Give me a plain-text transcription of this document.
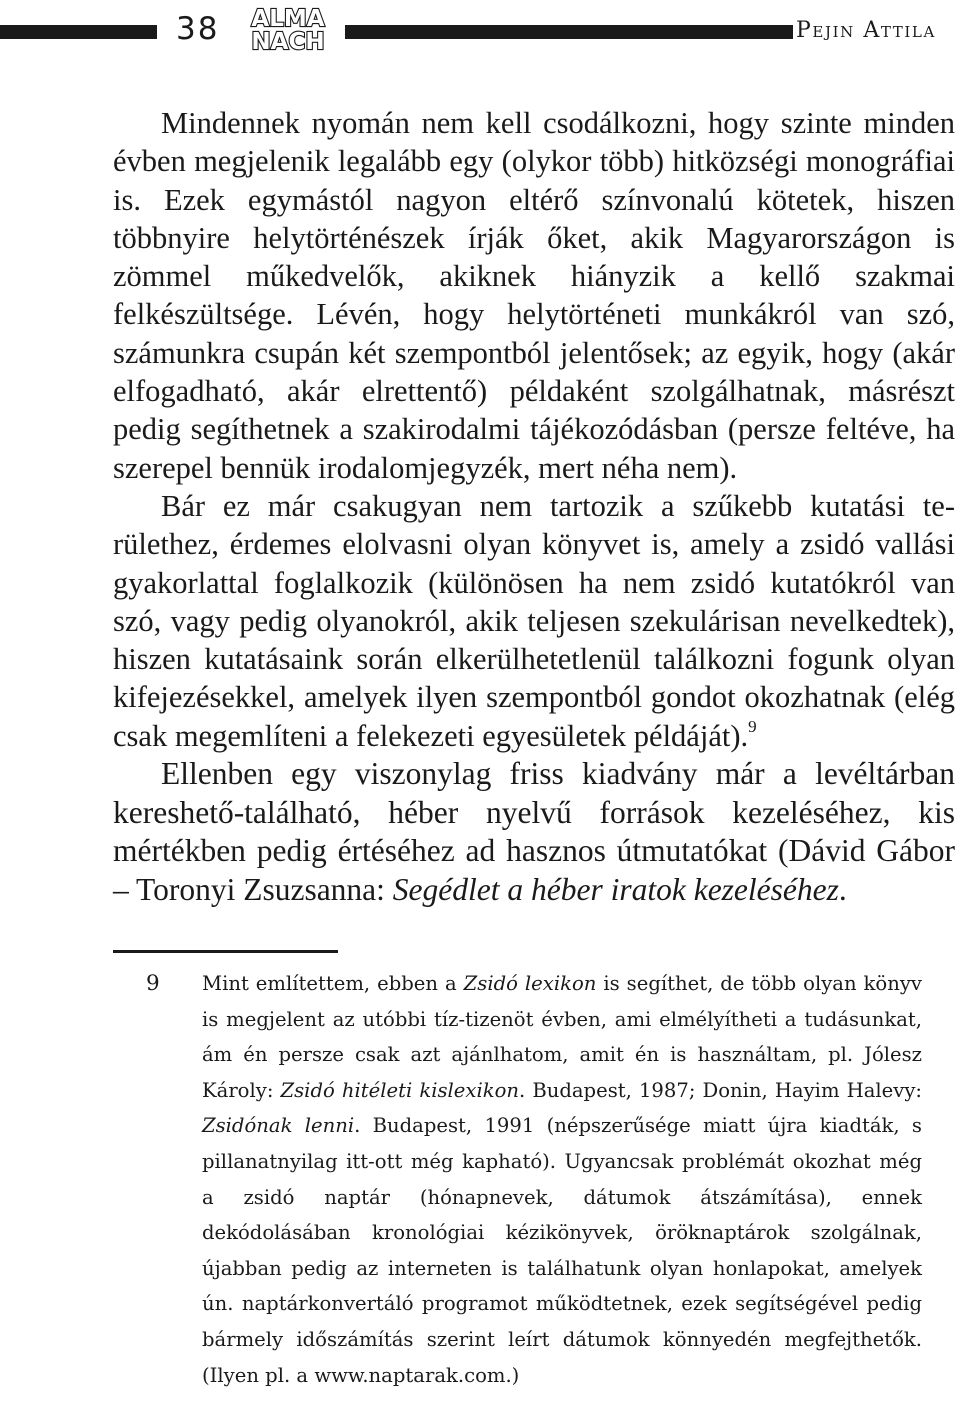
38 ALMA
NACH	Pejin Attila

Mindennek nyomán nem kell csodálkozni, hogy szinte minden évben megjelenik legalább egy (olykor több) hitközségi monográfiai is. Ezek egymástól nagyon eltérő színvonalú kötetek, hiszen többnyire helytörténészek írják őket, akik Magyarországon is zömmel műkedvelők, akiknek hiányzik a kellő szakmai felkészültsége. Lévén, hogy helytörténeti munkákról van szó, számunkra csupán két szempontból jelentősek; az egyik, hogy (akár elfogadható, akár elrettentő) példaként szolgálhatnak, másrészt pedig segíthetnek a szakirodalmi tájékozódásban (persze feltéve, ha szerepel bennük irodalomjegyzék, mert néha nem).

Bár ez már csakugyan nem tartozik a szűkebb kutatási területhez, érdemes elolvasni olyan könyvet is, amely a zsidó vallási gyakorlattal foglalkozik (különösen ha nem zsidó kutatókról van szó, vagy pedig olyanokról, akik teljesen szekulárisan nevelkedtek), hiszen kutatásaink során elkerülhetetlenül találkozni fogunk olyan kifejezésekkel, amelyek ilyen szempontból gondot okozhatnak (elég csak megemlíteni a felekezeti egyesületek példáját).$^9$

Ellenben egy viszonylag friss kiadvány már a levéltárban kereshető-található, héber nyelvű források kezeléséhez, kis mértékben pedig értéséhez ad hasznos útmutatókat (Dávid Gábor – Toronyi Zsuzsanna: Segédlet a héber iratok kezeléséhez.

9 Mint említettem, ebben a Zsidó lexikon is segíthet, de több olyan könyv is megjelent az utóbbi tíz-tizenöt évben, ami elmélyítheti a tudásunkat, ám én persze csak azt ajánlhatom, amit én is használtam, pl. Jólesz Károly: Zsidó hitéleti kislexikon. Budapest, 1987; Donin, Hayim Halevy: Zsidónak lenni. Budapest, 1991 (népszerűsége miatt újra kiadták, s pillanatnyilag itt-ott még kapható). Ugyancsak problémát okozhat még a zsidó naptár (hónapnevek, dátumok átszámítása), ennek dekódolásában kronológiai kézikönyvek, öröknaptárok szolgálnak, újabban pedig az interneten is találhatunk olyan honlapokat, amelyek ún. naptárkonvertáló programot működtetnek, ezek segítségével pedig bármely időszámítás szerint leírt dátumok könnyedén megfejthetők. (Ilyen pl. a www.naptarak.com.)
